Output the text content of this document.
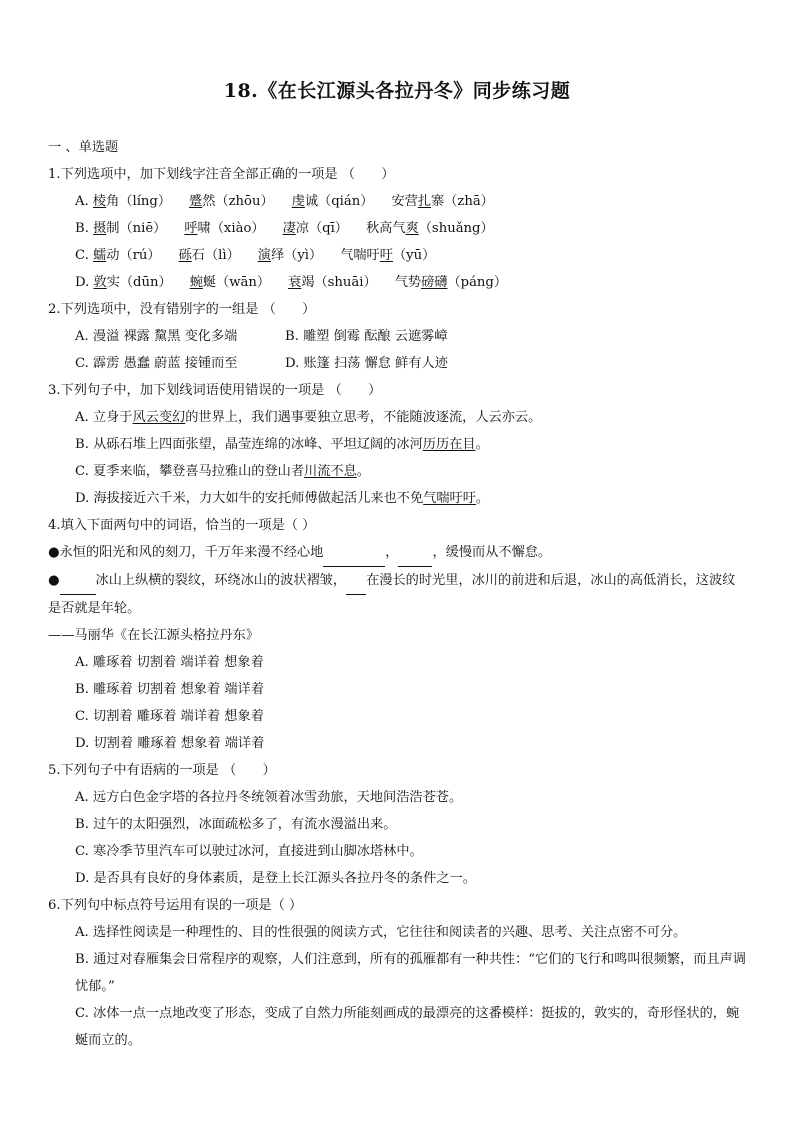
18.《在长江源头各拉丹冬》同步练习题
一 、单选题
1.下列选项中，加下划线字注音全部正确的一项是 （　　）
A. 棱角（líng） 蹙然（zhōu） 虔诚（qián） 安营扎寨（zhā）
B. 摄制（niē） 呼啸（xiào） 凄凉（qī） 秋高气爽（shuǎng）
C. 蠕动（rú） 砾石（lì） 演绎（yì） 气喘吁吁（yū）
D. 敦实（dūn） 蜿蜒（wān） 衰竭（shuāi） 气势磅礴（páng）
2.下列选项中，没有错别字的一组是 （　　）
A. 漫溢 裸露 黧黑 变化多端	B. 雕塑 倒霉 酝酿 云遮雾嶂
C. 霹雳 愚蠢 蔚蓝 接锺而至	D. 账篷 扫荡 懈怠 鲜有人迹
3.下列句子中，加下划线词语使用错误的一项是 （　　）
A. 立身于风云变幻的世界上，我们遇事要独立思考，不能随波逐流，人云亦云。
B. 从砾石堆上四面张望，晶莹连绵的冰峰、平坦辽阔的冰河历历在目。
C. 夏季来临，攀登喜马拉雅山的登山者川流不息。
D. 海拔接近六千米，力大如牛的安托师傅做起活儿来也不免气喘吁吁。
4.填入下面两句中的词语，恰当的一项是（ ）
●永恒的阳光和风的刻刀，千万年来漫不经心地	，	，缓慢而从不懈怠。
●	冰山上纵横的裂纹，环绕冰山的波状褶皱， 在漫长的时光里，冰川的前进和后退，冰山的高低消长，这波纹是否就是年轮。
——马丽华《在长江源头格拉丹东》
A. 雕琢着 切割着 端详着 想象着
B. 雕琢着 切割着 想象着 端详着
C. 切割着 雕琢着 端详着 想象着
D. 切割着 雕琢着 想象着 端详着
5.下列句子中有语病的一项是 （　　）
A. 远方白色金字塔的各拉丹冬统领着冰雪劲旅，天地间浩浩苍苍。
B. 过午的太阳强烈，冰面疏松多了，有流水漫溢出来。
C. 寒冷季节里汽车可以驶过冰河，直接进到山脚冰塔林中。
D. 是否具有良好的身体素质，是登上长江源头各拉丹冬的条件之一。
6.下列句中标点符号运用有误的一项是（ ）
A. 选择性阅读是一种理性的、目的性很强的阅读方式，它往往和阅读者的兴趣、思考、关注点密不可分。
B. 通过对春雁集会日常程序的观察，人们注意到，所有的孤雁都有一种共性：“它们的飞行和鸣叫很频繁，而且声调忧郁。”
C. 冰体一点一点地改变了形态，变成了自然力所能刻画成的最漂亮的这番模样：挺拔的，敦实的，奇形怪状的，蜿蜒而立的。
